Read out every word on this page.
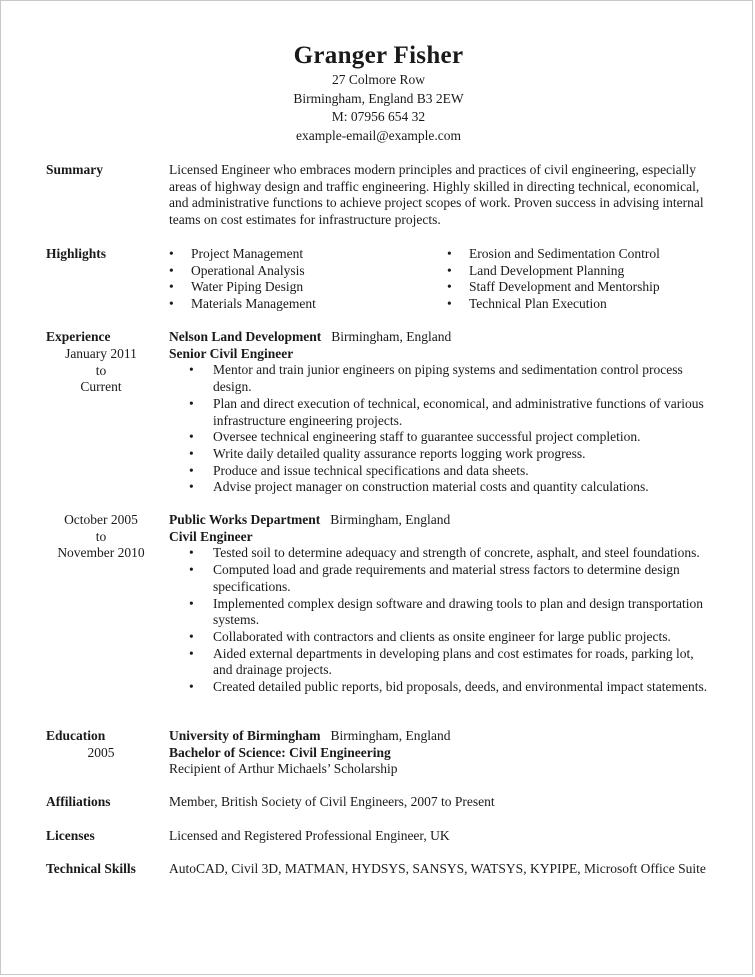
Granger Fisher
27 Colmore Row
Birmingham, England B3 2EW
M: 07956 654 32
example-email@example.com
Summary	Licensed Engineer who embraces modern principles and practices of civil engineering, especially areas of highway design and traffic engineering. Highly skilled in directing technical, economical, and administrative functions to achieve project scopes of work. Proven success in advising internal teams on cost estimates for infrastructure projects.
Highlights
•	Project Management
• Operational Analysis
• Water Piping Design
• Materials Management
• Erosion and Sedimentation Control
• Land Development Planning
• Staff Development and Mentorship
• Technical Plan Execution
Experience
January 2011
to
Current
Nelson Land Development Birmingham, England
Senior Civil Engineer
• Mentor and train junior engineers on piping systems and sedimentation control process design.
• Plan and direct execution of technical, economical, and administrative functions of various infrastructure engineering projects.
• Oversee technical engineering staff to guarantee successful project completion.
• Write daily detailed quality assurance reports logging work progress.
• Produce and issue technical specifications and data sheets.
• Advise project manager on construction material costs and quantity calculations.
October 2005
to
November 2010
Public Works Department Birmingham, England
Civil Engineer
• Tested soil to determine adequacy and strength of concrete, asphalt, and steel foundations.
• Computed load and grade requirements and material stress factors to determine design specifications.
• Implemented complex design software and drawing tools to plan and design transportation systems.
• Collaborated with contractors and clients as onsite engineer for large public projects.
• Aided external departments in developing plans and cost estimates for roads, parking lot, and drainage projects.
• Created detailed public reports, bid proposals, deeds, and environmental impact statements.
Education
2005
University of Birmingham Birmingham, England
Bachelor of Science: Civil Engineering
Recipient of Arthur Michaels’ Scholarship
Affiliations	Member, British Society of Civil Engineers, 2007 to Present
Licenses	Licensed and Registered Professional Engineer, UK
Technical Skills AutoCAD, Civil 3D, MATMAN, HYDSYS, SANSYS, WATSYS, KYPIPE, Microsoft Office Suite
